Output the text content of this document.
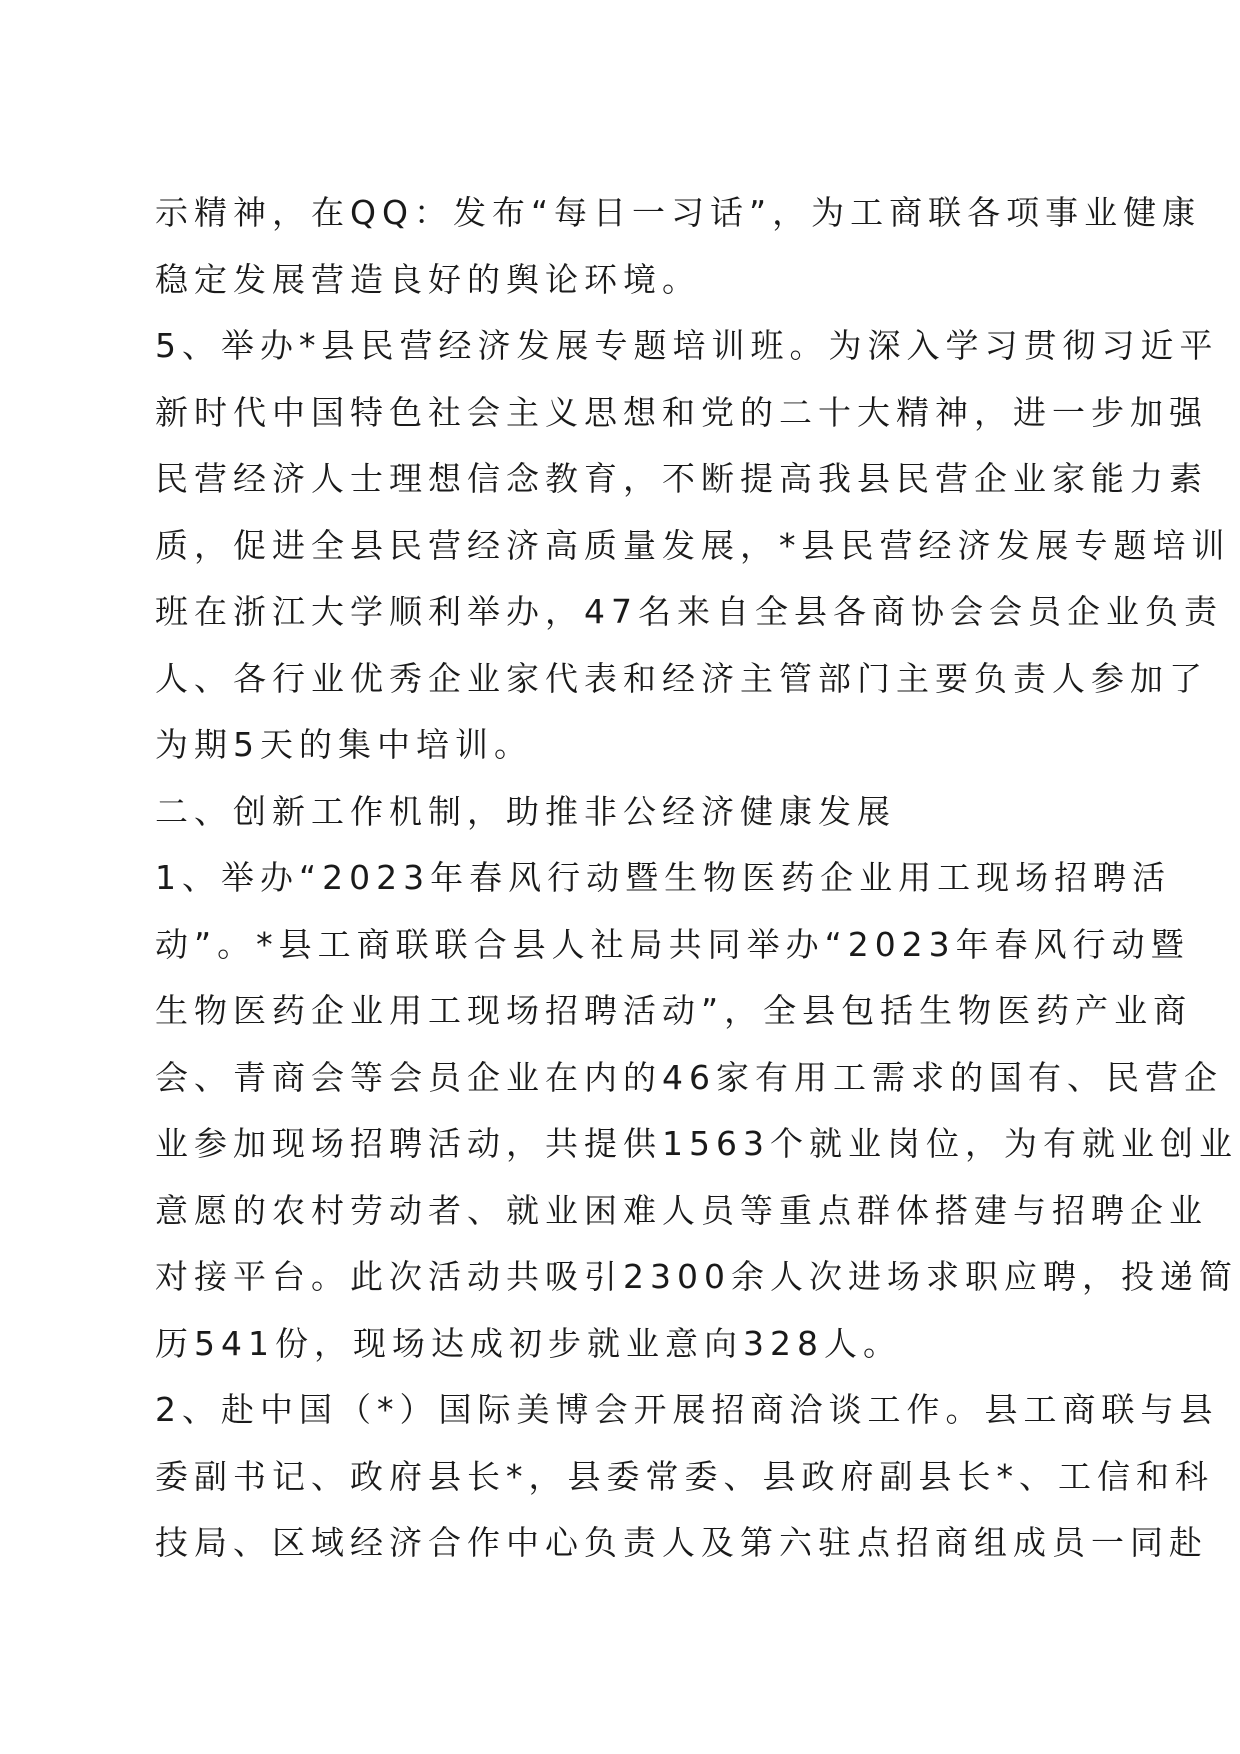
示精神，在QQ：发布“每日一习话”，为工商联各项事业健康

稳定发展营造良好的舆论环境。

5、举办*县民营经济发展专题培训班。为深入学习贯彻习近平

新时代中国特色社会主义思想和党的二十大精神，进一步加强

民营经济人士理想信念教育，不断提高我县民营企业家能力素

质，促进全县民营经济高质量发展，*县民营经济发展专题培训

班在浙江大学顺利举办，47名来自全县各商协会会员企业负责

人、各行业优秀企业家代表和经济主管部门主要负责人参加了

为期5天的集中培训。

二、创新工作机制，助推非公经济健康发展

1、举办“2023年春风行动暨生物医药企业用工现场招聘活

动”。*县工商联联合县人社局共同举办“2023年春风行动暨

生物医药企业用工现场招聘活动”，全县包括生物医药产业商

会、青商会等会员企业在内的46家有用工需求的国有、民营企

业参加现场招聘活动，共提供1563个就业岗位，为有就业创业

意愿的农村劳动者、就业困难人员等重点群体搭建与招聘企业

对接平台。此次活动共吸引2300余人次进场求职应聘，投递简

历541份，现场达成初步就业意向328人。

2、赴中国（*）国际美博会开展招商洽谈工作。县工商联与县

委副书记、政府县长*，县委常委、县政府副县长*、工信和科

技局、区域经济合作中心负责人及第六驻点招商组成员一同赴
